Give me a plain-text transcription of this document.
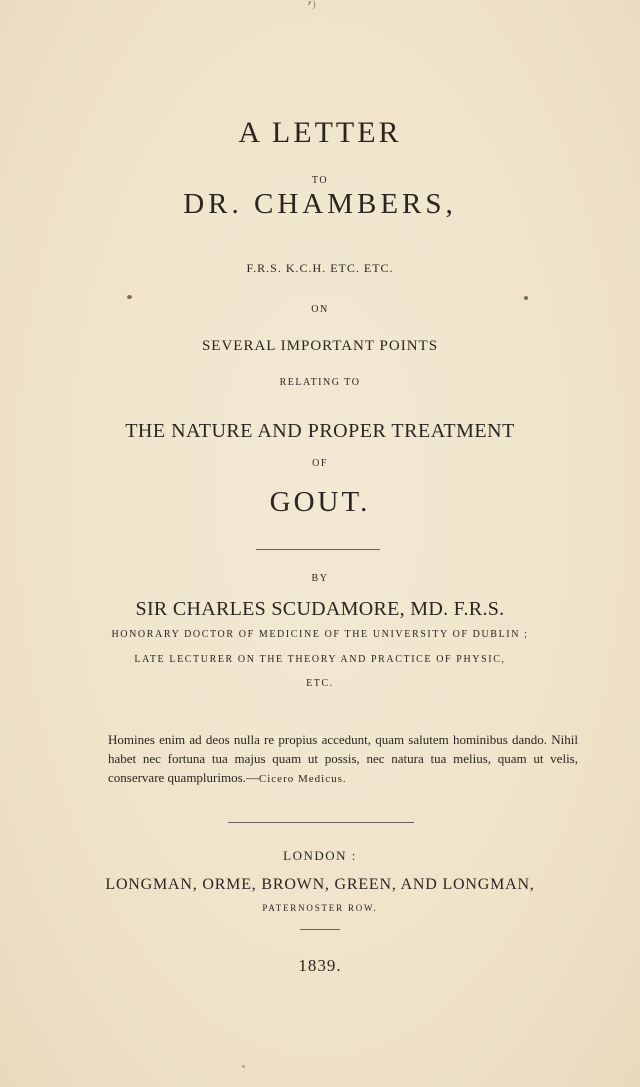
ʼ⁾
A LETTER
TO
DR. CHAMBERS,
F.R.S. K.C.H. ETC. ETC.
ON
SEVERAL IMPORTANT POINTS
RELATING TO
THE NATURE AND PROPER TREATMENT
OF
GOUT.
BY
SIR CHARLES SCUDAMORE, MD. F.R.S.
HONORARY DOCTOR OF MEDICINE OF THE UNIVERSITY OF DUBLIN ;
LATE LECTURER ON THE THEORY AND PRACTICE OF PHYSIC,
ETC.
Homines enim ad deos nulla re propius accedunt, quam salutem hominibus dando. Nihil habet nec fortuna tua majus quam ut possis, nec natura tua melius, quam ut velis, conservare quamplurimos.—Cicero Medicus.
LONDON :
LONGMAN, ORME, BROWN, GREEN, AND LONGMAN,
PATERNOSTER ROW.
1839.
